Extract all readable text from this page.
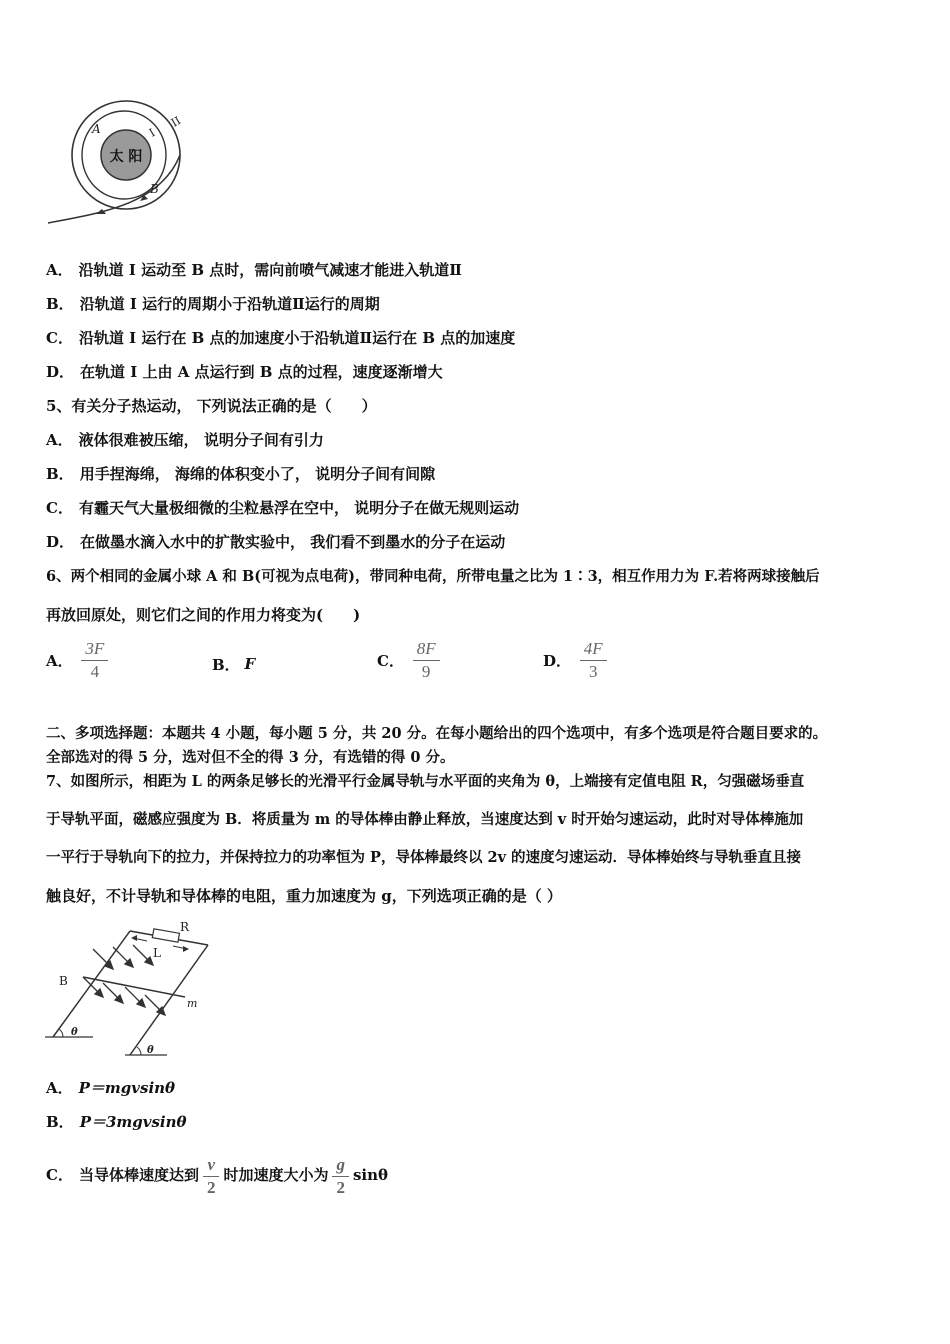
太 阳
A
B
I
II
A． 沿轨道 I 运动至 B 点时，需向前喷气减速才能进入轨道Ⅱ
B． 沿轨道 I 运行的周期小于沿轨道Ⅱ运行的周期
C． 沿轨道 I 运行在 B 点的加速度小于沿轨道Ⅱ运行在 B 点的加速度
D． 在轨道 I 上由 A 点运行到 B 点的过程，速度逐渐增大
5、有关分子热运动， 下列说法正确的是（　　）
A． 液体很难被压缩， 说明分子间有引力
B． 用手捏海绵， 海绵的体积变小了， 说明分子间有间隙
C． 有霾天气大量极细微的尘粒悬浮在空中， 说明分子在做无规则运动
D． 在做墨水滴入水中的扩散实验中， 我们看不到墨水的分子在运动
6、两个相同的金属小球 A 和 B(可视为点电荷)，带同种电荷，所带电量之比为 1∶3，相互作用力为 F.若将两球接触后
再放回原处，则它们之间的作用力将变为(　　)
A． $\frac{3F}{4}$	B． F	C． $\frac{8F}{9}$	D． $\frac{4F}{3}$
二、多项选择题：本题共 4 小题，每小题 5 分，共 20 分。在每小题给出的四个选项中，有多个选项是符合题目要求的。
全部选对的得 5 分，选对但不全的得 3 分，有选错的得 0 分。
7、如图所示，相距为 L 的两条足够长的光滑平行金属导轨与水平面的夹角为 θ，上端接有定值电阻 R，匀强磁场垂直
于导轨平面，磁感应强度为 B．将质量为 m 的导体棒由静止释放，当速度达到 v 时开始匀速运动，此时对导体棒施加
一平行于导轨向下的拉力，并保持拉力的功率恒为 P，导体棒最终以 2v 的速度匀速运动．导体棒始终与导轨垂直且接
触良好，不计导轨和导体棒的电阻，重力加速度为 g，下列选项正确的是（ ）
R
L
B
m
θ
θ
A． P＝mgvsinθ
B． P＝3mgvsinθ
C． 当导体棒速度达到 $\frac{v}{2}$ 时加速度大小为 $\frac{g}{2}$ sinθ
